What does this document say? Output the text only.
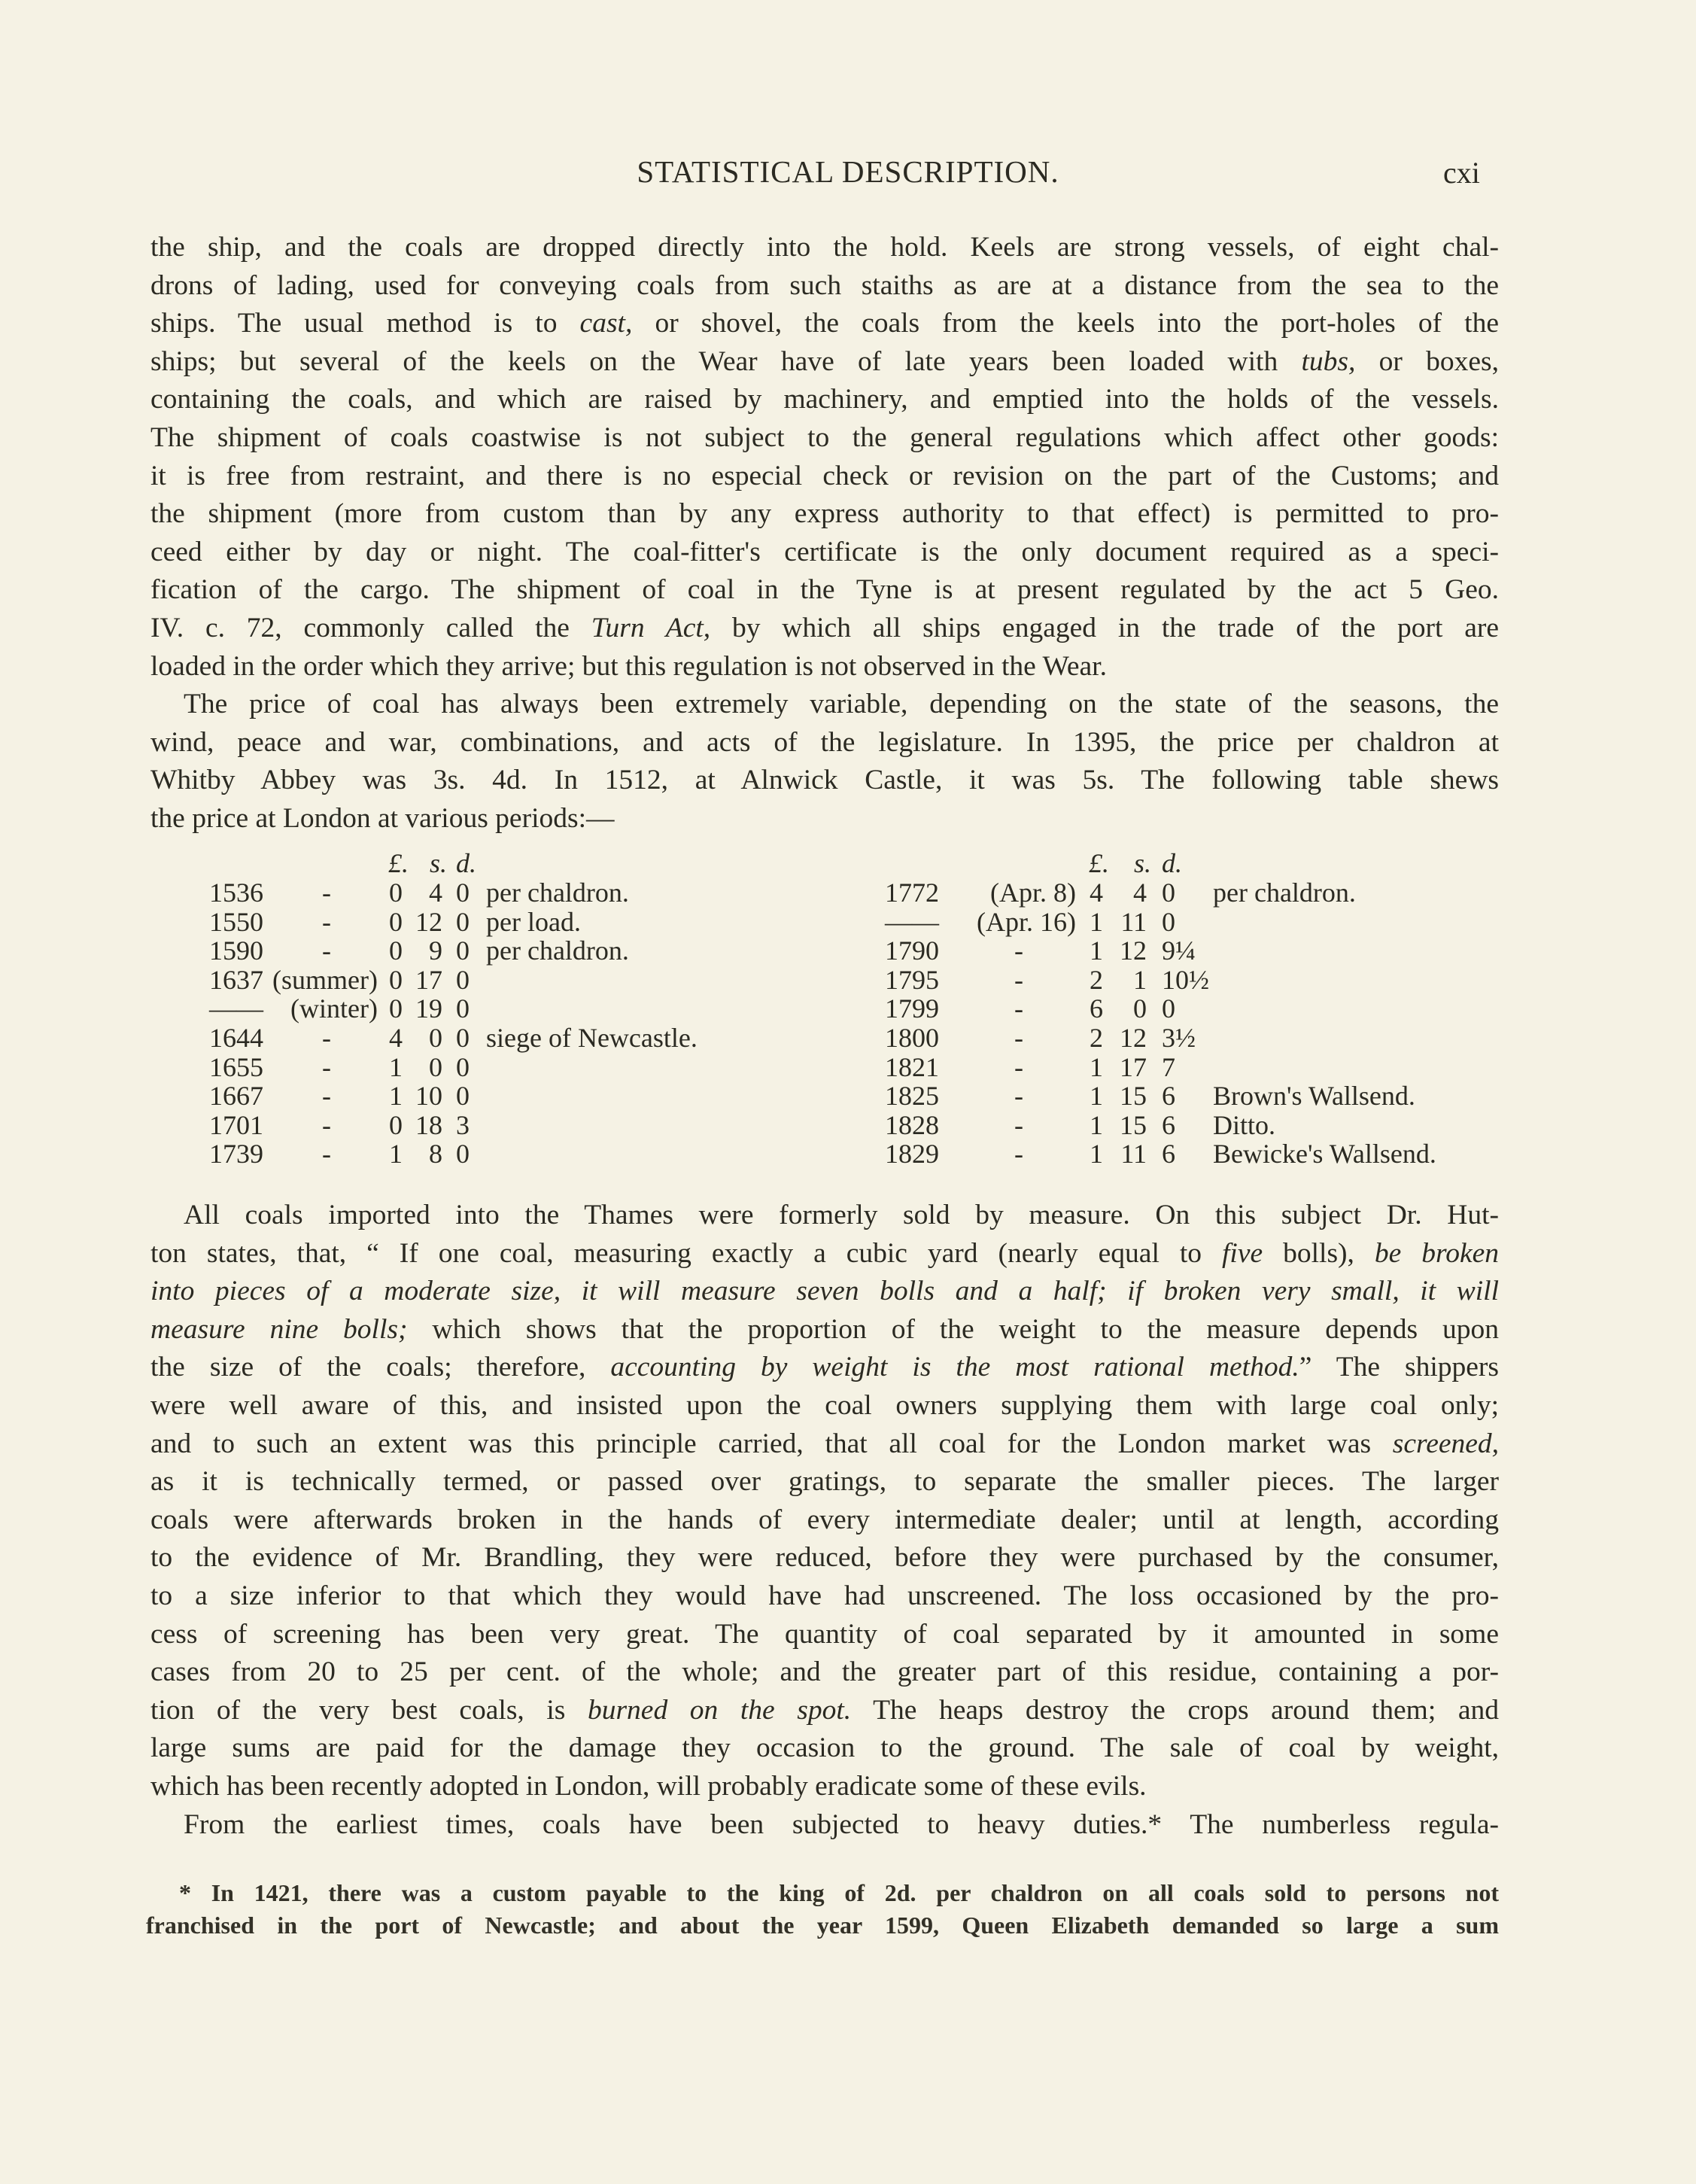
STATISTICAL DESCRIPTION.	cxi
the ship, and the coals are dropped directly into the hold. Keels are strong vessels, of eight chal-
drons of lading, used for conveying coals from such staiths as are at a distance from the sea to the
ships. The usual method is to cast, or shovel, the coals from the keels into the port-holes of the
ships; but several of the keels on the Wear have of late years been loaded with tubs, or boxes,
containing the coals, and which are raised by machinery, and emptied into the holds of the vessels.
The shipment of coals coastwise is not subject to the general regulations which affect other goods:
it is free from restraint, and there is no especial check or revision on the part of the Customs; and
the shipment (more from custom than by any express authority to that effect) is permitted to pro-
ceed either by day or night. The coal-fitter's certificate is the only document required as a speci-
fication of the cargo. The shipment of coal in the Tyne is at present regulated by the act 5 Geo.
IV. c. 72, commonly called the Turn Act, by which all ships engaged in the trade of the port are
loaded in the order which they arrive; but this regulation is not observed in the Wear.
The price of coal has always been extremely variable, depending on the state of the seasons, the
wind, peace and war, combinations, and acts of the legislature. In 1395, the price per chaldron at
Whitby Abbey was 3s. 4d. In 1512, at Alnwick Castle, it was 5s. The following table shews
the price at London at various periods:—
£. s. d.
1536 - 0 4 0 per chaldron.
1550 - 0 12 0 per load.
1590 - 0 9 0 per chaldron.
1637 (summer) 0 17 0
—— (winter) 0 19 0
1644 - 4 0 0 siege of Newcastle.
1655 - 1 0 0
1667 - 1 10 0
1701 - 0 18 3
1739 - 1 8 0
£. s. d.
1772 (Apr. 8) 4 4 0 per chaldron.
—— (Apr. 16) 1 11 0
1790	- 1 12 9¼
1795	- 2 1 10½
1799	- 6 0 0
1800	- 2 12 3½
1821	- 1 17 7
1825	- 1 15 6 Brown's Wallsend.
1828	- 1 15 6 Ditto.
1829	- 1 11 6 Bewicke's Wallsend.
All coals imported into the Thames were formerly sold by measure. On this subject Dr. Hut-
ton states, that, “ If one coal, measuring exactly a cubic yard (nearly equal to five bolls), be broken
into pieces of a moderate size, it will measure seven bolls and a half; if broken very small, it will
measure nine bolls; which shows that the proportion of the weight to the measure depends upon
the size of the coals; therefore, accounting by weight is the most rational method.” The shippers
were well aware of this, and insisted upon the coal owners supplying them with large coal only;
and to such an extent was this principle carried, that all coal for the London market was screened,
as it is technically termed, or passed over gratings, to separate the smaller pieces. The larger
coals were afterwards broken in the hands of every intermediate dealer; until at length, according
to the evidence of Mr. Brandling, they were reduced, before they were purchased by the consumer,
to a size inferior to that which they would have had unscreened. The loss occasioned by the pro-
cess of screening has been very great. The quantity of coal separated by it amounted in some
cases from 20 to 25 per cent. of the whole; and the greater part of this residue, containing a por-
tion of the very best coals, is burned on the spot. The heaps destroy the crops around them; and
large sums are paid for the damage they occasion to the ground. The sale of coal by weight,
which has been recently adopted in London, will probably eradicate some of these evils.
From the earliest times, coals have been subjected to heavy duties.* The numberless regula-
* In 1421, there was a custom payable to the king of 2d. per chaldron on all coals sold to persons not
franchised in the port of Newcastle; and about the year 1599, Queen Elizabeth demanded so large a sum
